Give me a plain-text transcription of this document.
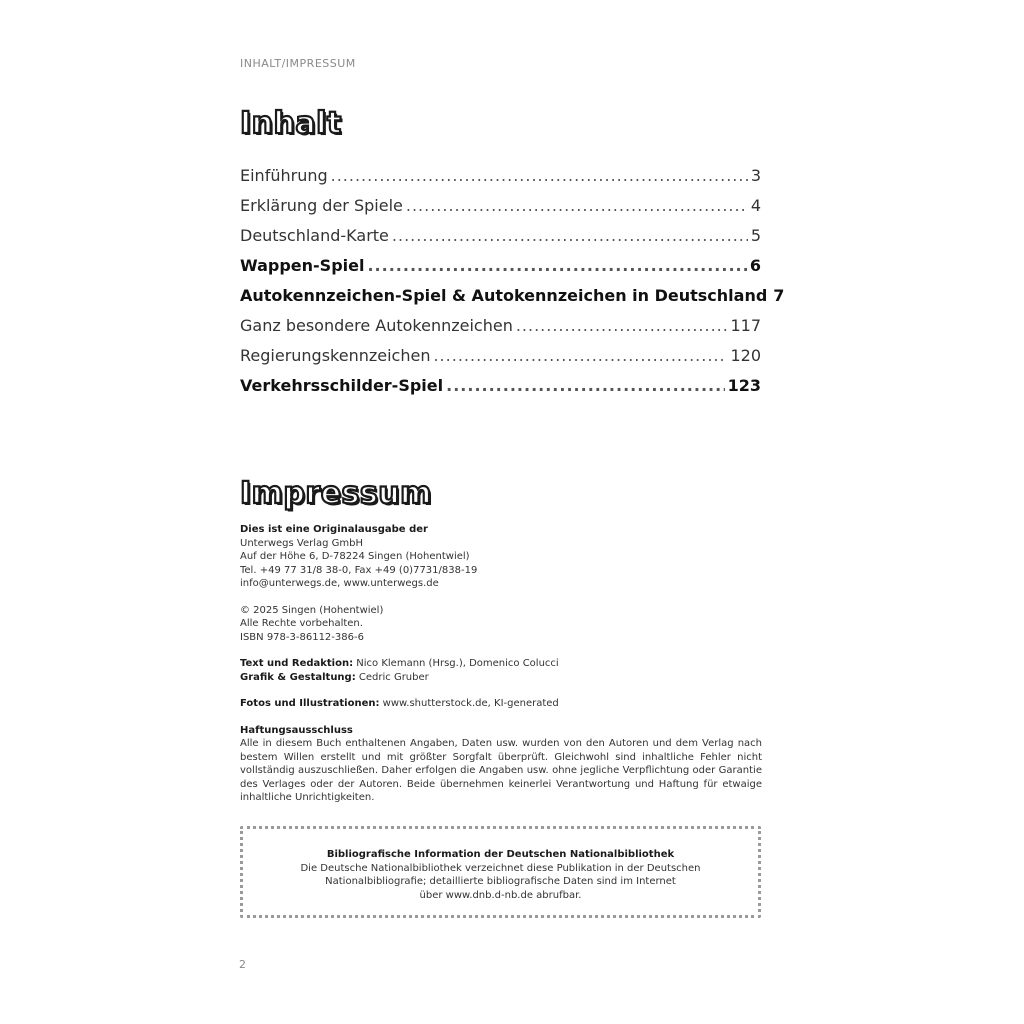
INHALT/IMPRESSUM
Inhalt
Einführung .....	3
Erklärung der Spiele .....	4
Deutschland-Karte .....	5
Wappen-Spiel .....	6
Autokennzeichen-Spiel & Autokennzeichen in Deutschland 7
Ganz besondere Autokennzeichen .....	117
Regierungskennzeichen .....	120
Verkehrsschilder-Spiel .....	123
Impressum
Dies ist eine Originalausgabe der
Unterwegs Verlag GmbH
Auf der Höhe 6, D-78224 Singen (Hohentwiel)
Tel. +49 77 31/8 38-0, Fax +49 (0)7731/838-19
info@unterwegs.de, www.unterwegs.de
© 2025 Singen (Hohentwiel)
Alle Rechte vorbehalten.
ISBN 978-3-86112-386-6
Text und Redaktion: Nico Klemann (Hrsg.), Domenico Colucci
Grafik & Gestaltung: Cedric Gruber
Fotos und Illustrationen: www.shutterstock.de, KI-generated
Haftungsausschluss
Alle in diesem Buch enthaltenen Angaben, Daten usw. wurden von den Autoren und dem Verlag nach bestem Willen erstellt und mit größter Sorgfalt überprüft. Gleichwohl sind inhaltliche Fehler nicht vollständig auszuschließen. Daher erfolgen die Angaben usw. ohne jegliche Verpflichtung oder Garantie des Verlages oder der Autoren. Beide übernehmen keinerlei Verantwortung und Haftung für etwaige inhaltliche Unrichtigkeiten.
Bibliografische Information der Deutschen Nationalbibliothek
Die Deutsche Nationalbibliothek verzeichnet diese Publikation in der Deutschen
Nationalbibliografie; detaillierte bibliografische Daten sind im Internet
über www.dnb.d-nb.de abrufbar.
2
